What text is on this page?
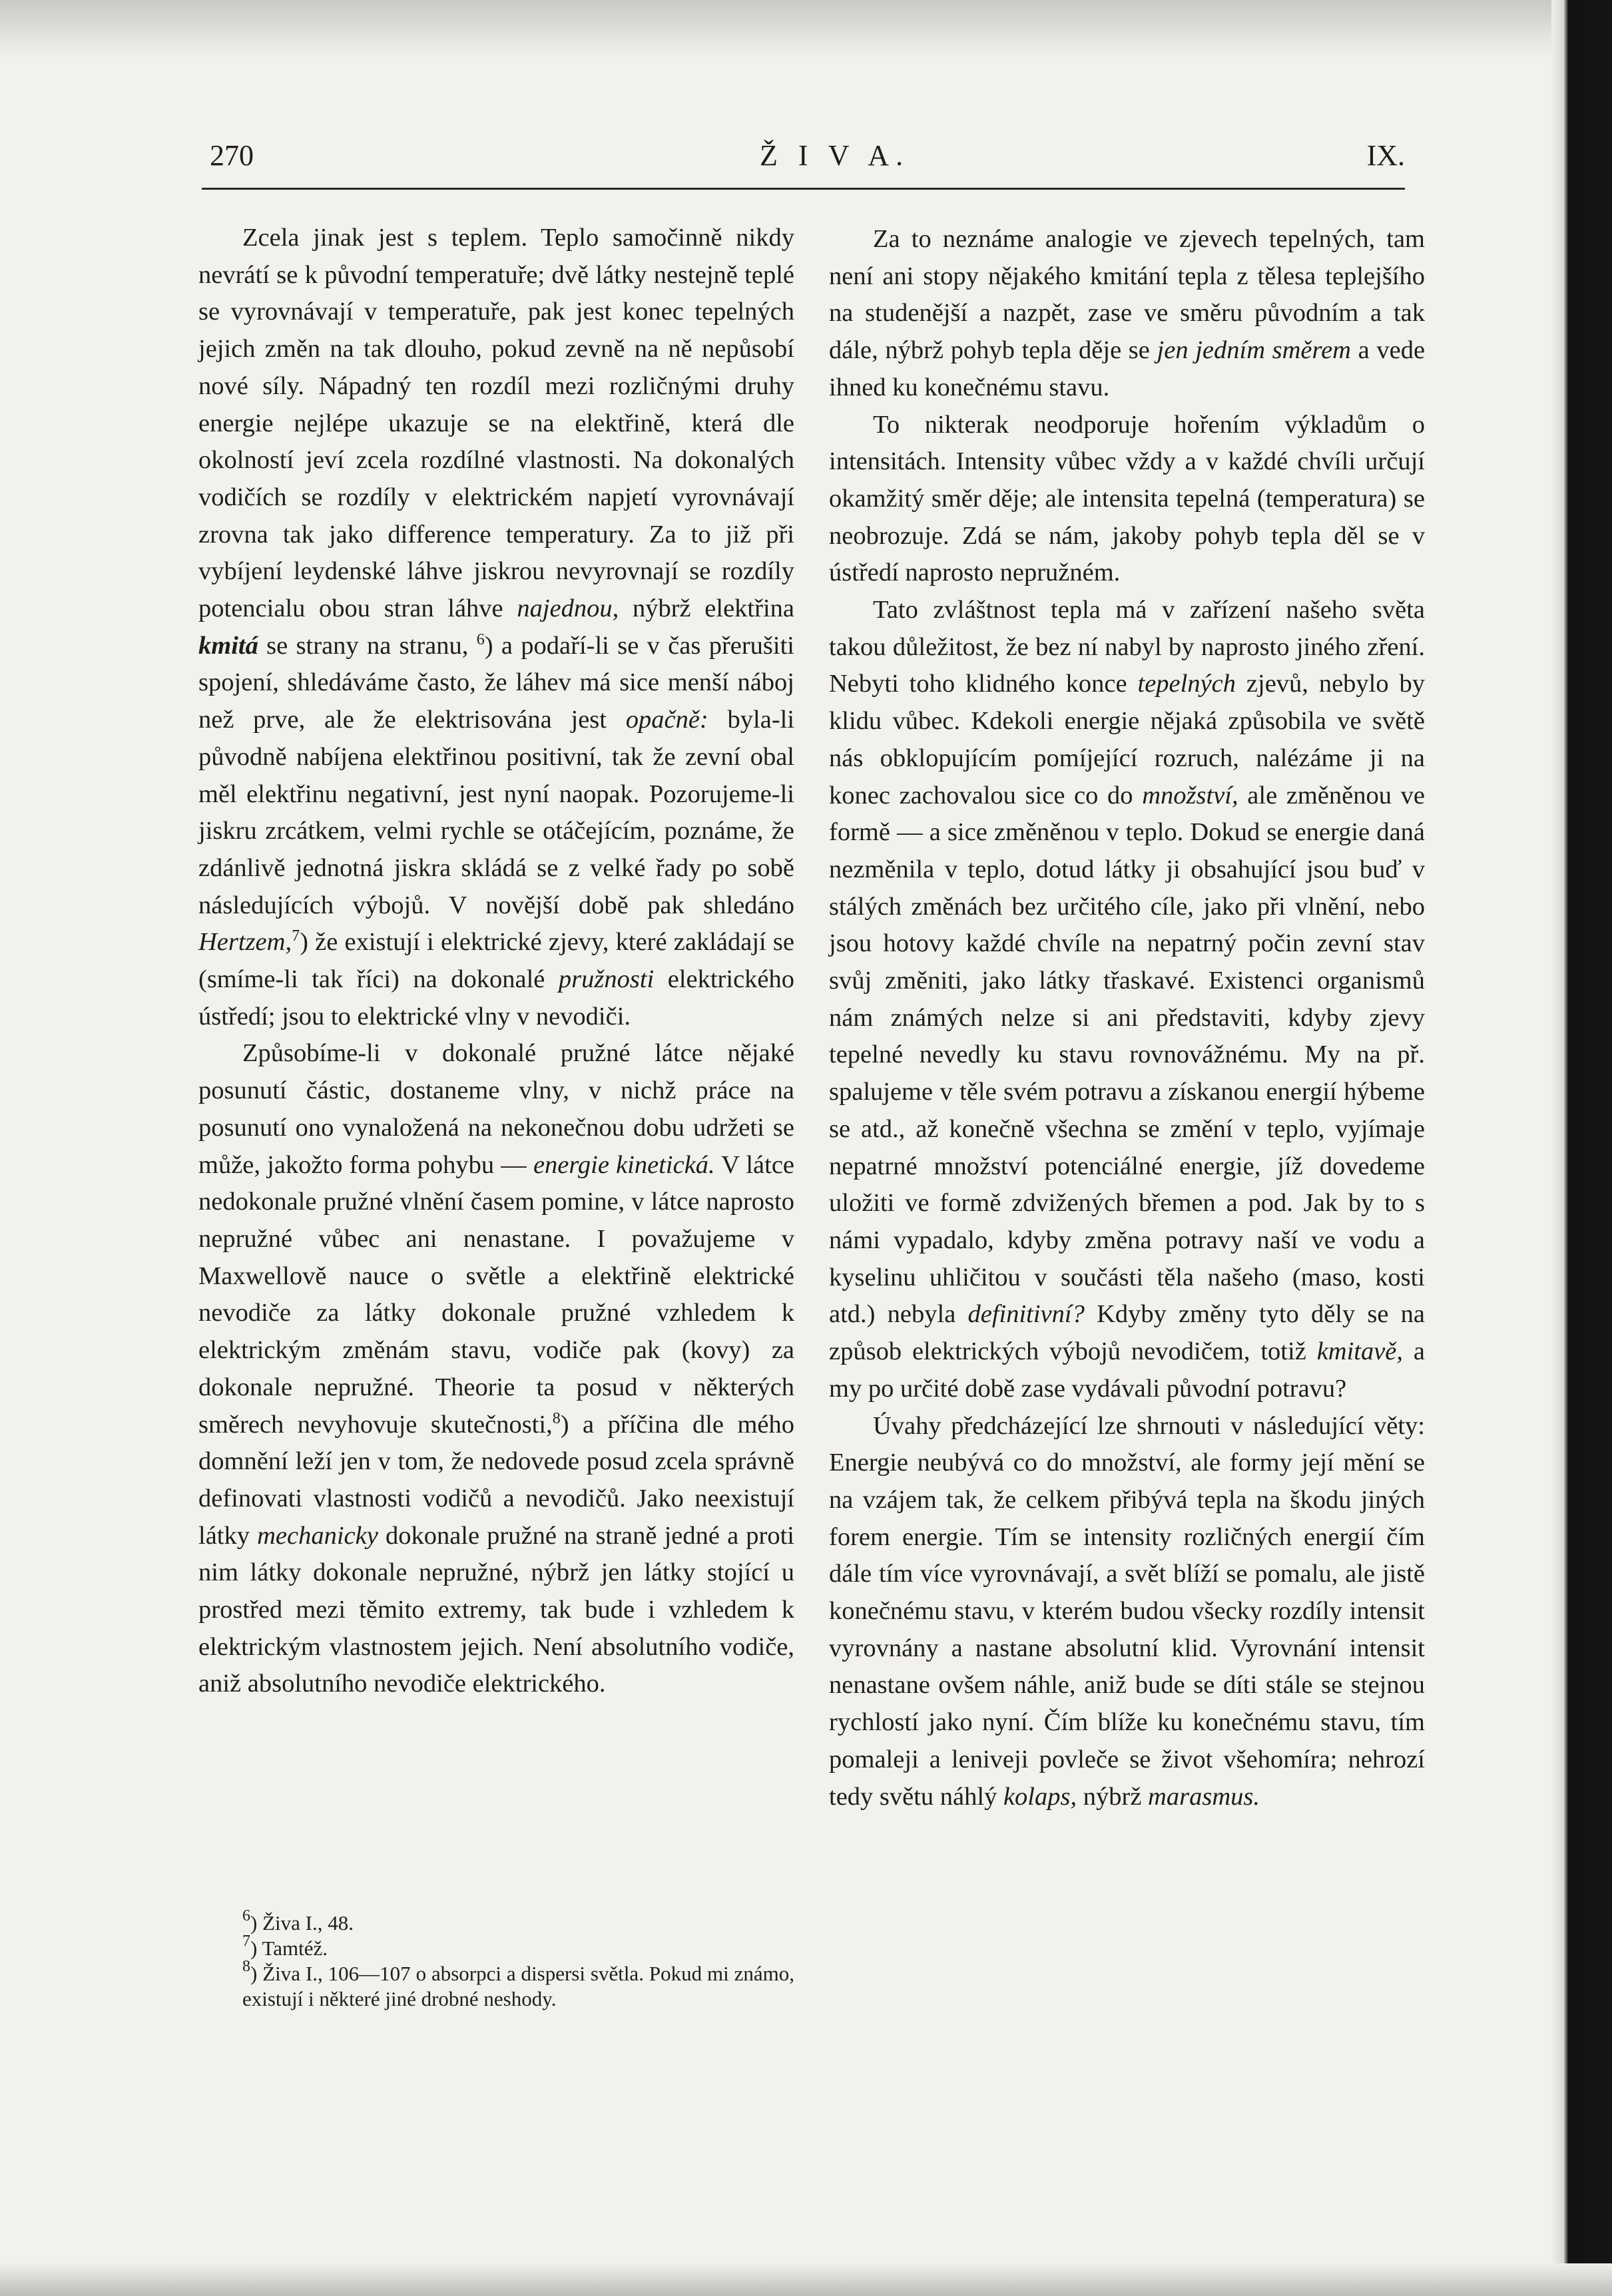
270	Ž I V A.	IX.

Zcela jinak jest s teplem. Teplo samočinně nikdy nevrátí se k původní temperatuře; dvě látky nestejně teplé se vyrovnávají v temperatuře, pak jest konec tepelných jejich změn na tak dlouho, pokud zevně na ně nepůsobí nové síly. Nápadný ten rozdíl mezi rozličnými druhy energie nejlépe ukazuje se na elektřině, která dle okolností jeví zcela rozdílné vlastnosti. Na dokonalých vodičích se rozdíly v elektrickém napjetí vyrovnávají zrovna tak jako difference temperatury. Za to již při vybíjení leydenské láhve jiskrou nevyrovnají se rozdíly potencialu obou stran láhve najednou, nýbrž elektřina kmitá se strany na stranu, $^6$) a podaří-li se v čas přerušiti spojení, shledáváme často, že láhev má sice menší náboj než prve, ale že elektrisována jest opačně: byla-li původně nabíjena elektřinou positivní, tak že zevní obal měl elektřinu negativní, jest nyní naopak. Pozorujeme-li jiskru zrcátkem, velmi rychle se otáčejícím, poznáme, že zdánlivě jednotná jiskra skládá se z velké řady po sobě následujících výbojů. V novější době pak shledáno Hertzem,$^7$) že existují i elektrické zjevy, které zakládají se (smíme-li tak říci) na dokonalé pružnosti elektrického ústředí; jsou to elektrické vlny v nevodiči.

Způsobíme-li v dokonalé pružné látce nějaké posunutí částic, dostaneme vlny, v nichž práce na posunutí ono vynaložená na nekonečnou dobu udržeti se může, jakožto forma pohybu — energie kinetická. V látce nedokonale pružné vlnění časem pomine, v látce naprosto nepružné vůbec ani nenastane. I považujeme v Maxwellově nauce o světle a elektřině elektrické nevodiče za látky dokonale pružné vzhledem k elektrickým změnám stavu, vodiče pak (kovy) za dokonale nepružné. Theorie ta posud v některých směrech nevyhovuje skutečnosti,$^8$) a příčina dle mého domnění leží jen v tom, že nedovede posud zcela správně definovati vlastnosti vodičů a nevodičů. Jako neexistují látky mechanicky dokonale pružné na straně jedné a proti nim látky dokonale nepružné, nýbrž jen látky stojící u prostřed mezi těmito extremy, tak bude i vzhledem k elektrickým vlastnostem jejich. Není absolutního vodiče, aniž absolutního nevodiče elektrického.

$^6$) Živa I., 48.

$^7$) Tamtéž.

$^8$) Živa I., 106—107 o absorpci a dispersi světla. Pokud mi známo, existují i některé jiné drobné neshody.

Za to neznáme analogie ve zjevech tepelných, tam není ani stopy nějakého kmitání tepla z tělesa teplejšího na studenější a nazpět, zase ve směru původním a tak dále, nýbrž pohyb tepla děje se jen jedním směrem a vede ihned ku konečnému stavu.

To nikterak neodporuje hořením výkladům o intensitách. Intensity vůbec vždy a v každé chvíli určují okamžitý směr děje; ale intensita tepelná (temperatura) se neobrozuje. Zdá se nám, jakoby pohyb tepla děl se v ústředí naprosto nepružném.

Tato zvláštnost tepla má v zařízení našeho světa takou důležitost, že bez ní nabyl by naprosto jiného zření. Nebyti toho klidného konce tepelných zjevů, nebylo by klidu vůbec. Kdekoli energie nějaká způsobila ve světě nás obklopujícím pomíjející rozruch, nalézáme ji na konec zachovalou sice co do množství, ale změněnou ve formě — a sice změněnou v teplo. Dokud se energie daná nezměnila v teplo, dotud látky ji obsahující jsou buď v stálých změnách bez určitého cíle, jako při vlnění, nebo jsou hotovy každé chvíle na nepatrný počin zevní stav svůj změniti, jako látky třaskavé. Existenci organismů nám známých nelze si ani představiti, kdyby zjevy tepelné nevedly ku stavu rovnovážnému. My na př. spalujeme v těle svém potravu a získanou energií hýbeme se atd., až konečně všechna se změní v teplo, vyjímaje nepatrné množství potenciálné energie, jíž dovedeme uložiti ve formě zdvižených břemen a pod. Jak by to s námi vypadalo, kdyby změna potravy naší ve vodu a kyselinu uhličitou v součásti těla našeho (maso, kosti atd.) nebyla definitivní? Kdyby změny tyto děly se na způsob elektrických výbojů nevodičem, totiž kmitavě, a my po určité době zase vydávali původní potravu?

Úvahy předcházející lze shrnouti v následující věty: Energie neubývá co do množství, ale formy její mění se na vzájem tak, že celkem přibývá tepla na škodu jiných forem energie. Tím se intensity rozličných energií čím dále tím více vyrovnávají, a svět blíží se pomalu, ale jistě konečnému stavu, v kterém budou všecky rozdíly intensit vyrovnány a nastane absolutní klid. Vyrovnání intensit nenastane ovšem náhle, aniž bude se díti stále se stejnou rychlostí jako nyní. Čím blíže ku konečnému stavu, tím pomaleji a leniveji povleče se život všehomíra; nehrozí tedy světu náhlý kolaps, nýbrž marasmus.
